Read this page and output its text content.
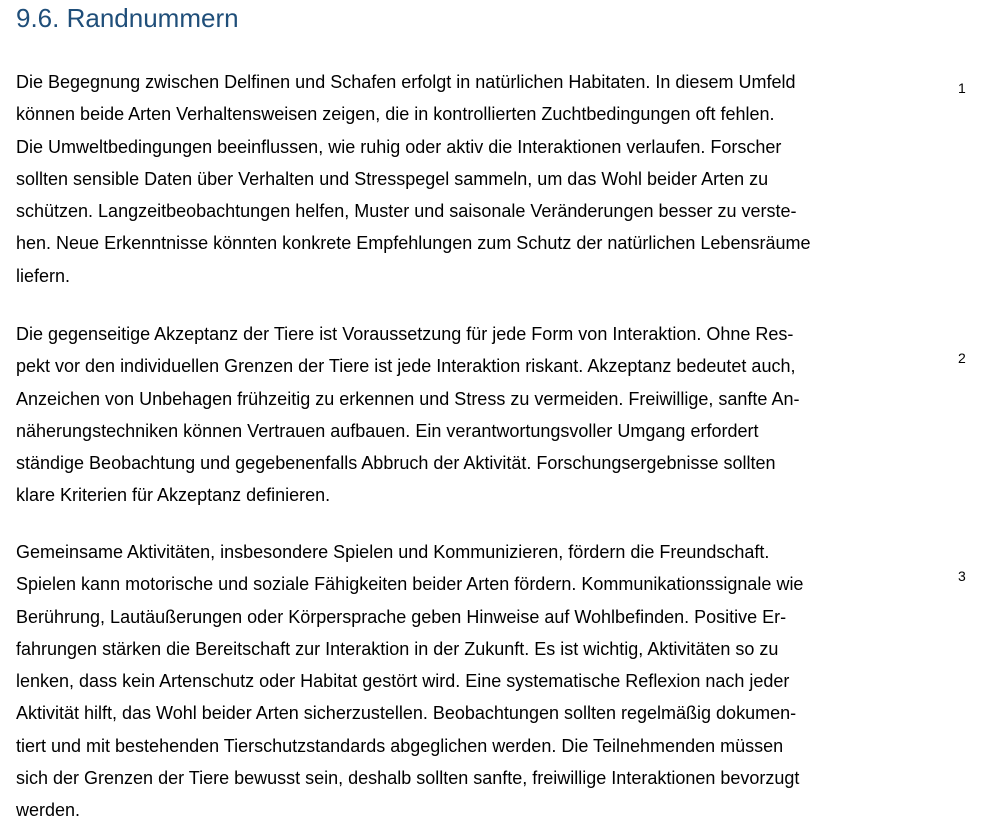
9.6. Randnummern
Die Begegnung zwischen Delfinen und Schafen erfolgt in natürlichen Habitaten. In diesem Umfeld
können beide Arten Verhaltensweisen zeigen, die in kontrollierten Zuchtbedingungen oft fehlen.
Die Umweltbedingungen beeinflussen, wie ruhig oder aktiv die Interaktionen verlaufen. Forscher
sollten sensible Daten über Verhalten und Stresspegel sammeln, um das Wohl beider Arten zu
schützen. Langzeitbeobachtungen helfen, Muster und saisonale Veränderungen besser zu verste-
hen. Neue Erkenntnisse könnten konkrete Empfehlungen zum Schutz der natürlichen Lebensräume
liefern.
1
Die gegenseitige Akzeptanz der Tiere ist Voraussetzung für jede Form von Interaktion. Ohne Res-
pekt vor den individuellen Grenzen der Tiere ist jede Interaktion riskant. Akzeptanz bedeutet auch,
Anzeichen von Unbehagen frühzeitig zu erkennen und Stress zu vermeiden. Freiwillige, sanfte An-
näherungstechniken können Vertrauen aufbauen. Ein verantwortungsvoller Umgang erfordert
ständige Beobachtung und gegebenenfalls Abbruch der Aktivität. Forschungsergebnisse sollten
klare Kriterien für Akzeptanz definieren.
2
Gemeinsame Aktivitäten, insbesondere Spielen und Kommunizieren, fördern die Freundschaft.
Spielen kann motorische und soziale Fähigkeiten beider Arten fördern. Kommunikationssignale wie
Berührung, Lautäußerungen oder Körpersprache geben Hinweise auf Wohlbefinden. Positive Er-
fahrungen stärken die Bereitschaft zur Interaktion in der Zukunft. Es ist wichtig, Aktivitäten so zu
lenken, dass kein Artenschutz oder Habitat gestört wird. Eine systematische Reflexion nach jeder
Aktivität hilft, das Wohl beider Arten sicherzustellen. Beobachtungen sollten regelmäßig dokumen-
tiert und mit bestehenden Tierschutzstandards abgeglichen werden. Die Teilnehmenden müssen
sich der Grenzen der Tiere bewusst sein, deshalb sollten sanfte, freiwillige Interaktionen bevorzugt
werden.
3
